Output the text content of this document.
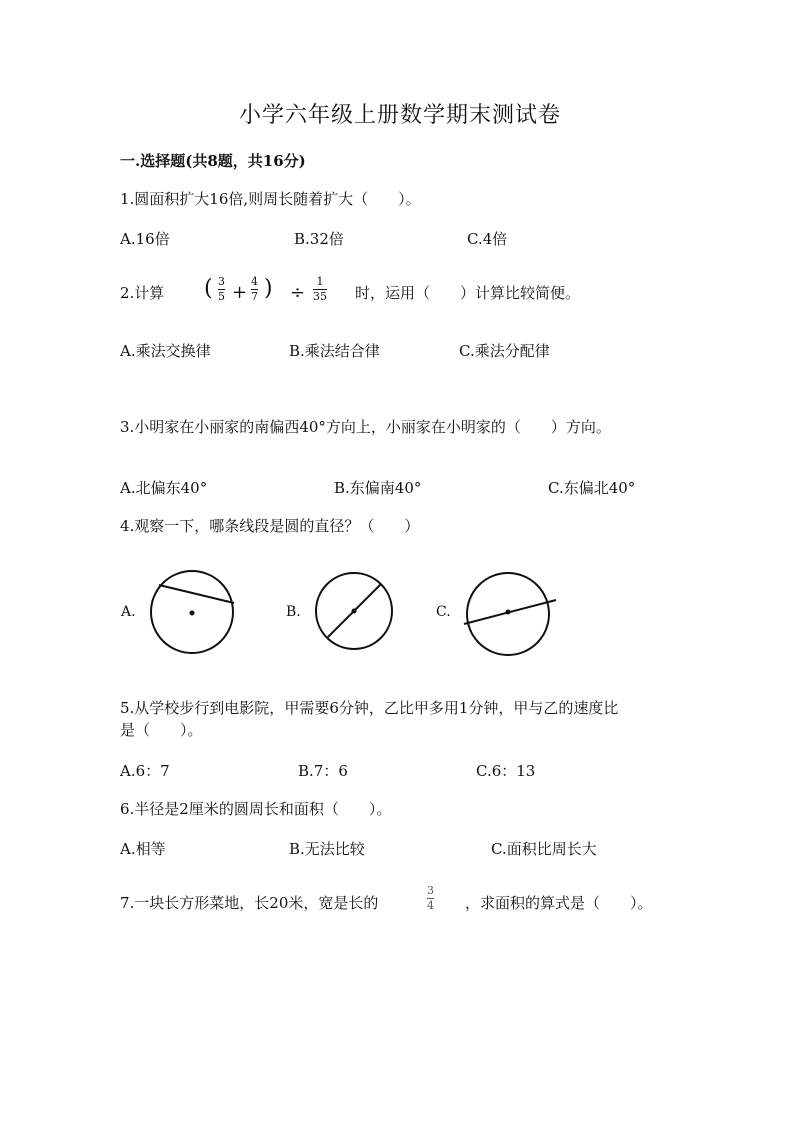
小学六年级上册数学期末测试卷
一.选择题(共8题，共16分)
1.圆面积扩大16倍,则周长随着扩大（　　）。
A.16倍	B.32倍	C.4倍
2.计算 ( 3
5 +
4
7 ) ÷
1
35 时，运用（　　）计算比较简便。
A.乘法交换律	B.乘法结合律	C.乘法分配律
3.小明家在小丽家的南偏西40°方向上，小丽家在小明家的（　　）方向。
A.北偏东40°	B.东偏南40°	C.东偏北40°
4.观察一下，哪条线段是圆的直径？（　　）
A.	B.	C.
5.从学校步行到电影院，甲需要6分钟，乙比甲多用1分钟，甲与乙的速度比
是（　　）。
A.6：7	B.7：6	C.6：13
6.半径是2厘米的圆周长和面积（　　）。
A.相等	B.无法比较	C.面积比周长大
7.一块长方形菜地，长20米，宽是长的
3
4 ，求面积的算式是（　　）。
